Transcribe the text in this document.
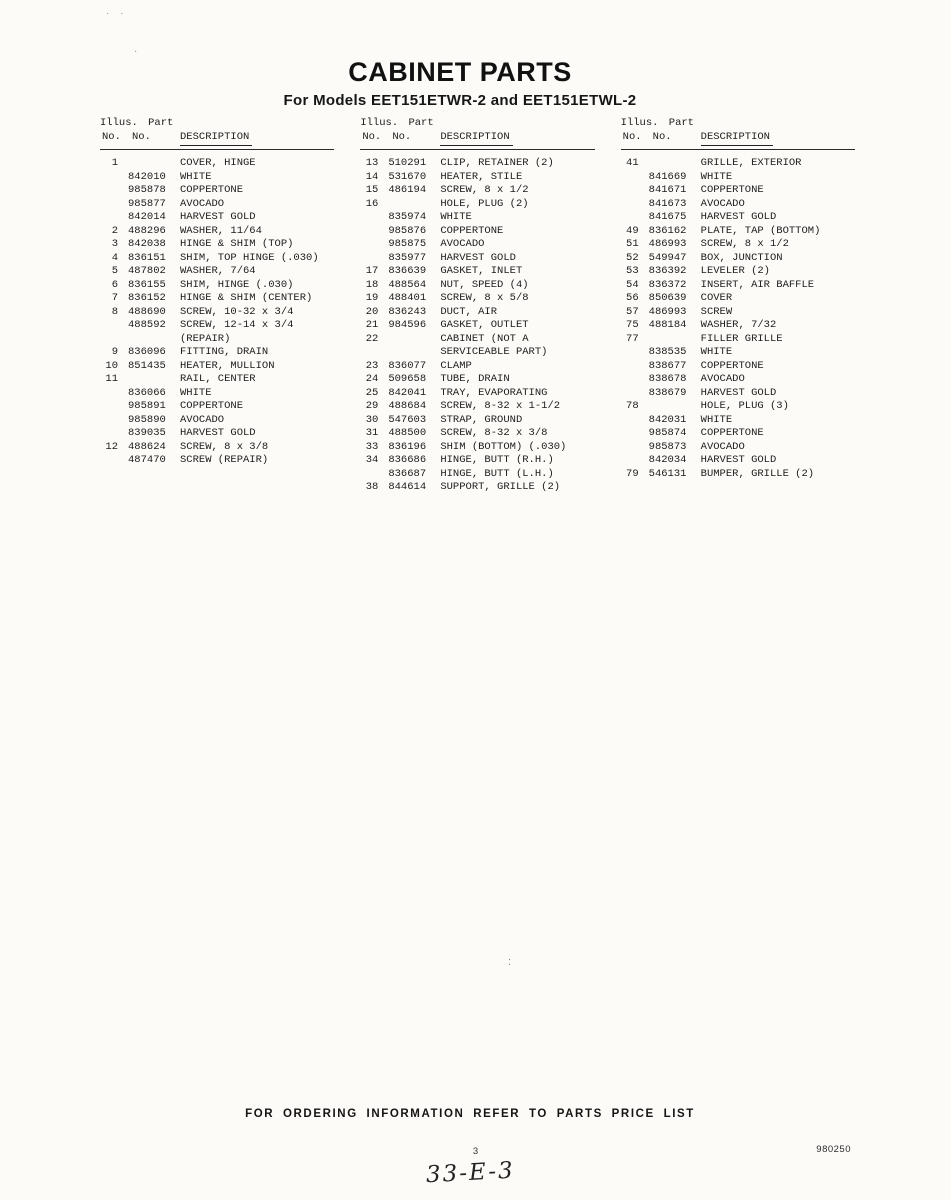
· ·
·
:
CABINET PARTS
For Models EET151ETWR-2 and EET151ETWL-2
Illus. Part
No.	No.	DESCRIPTION
1	COVER, HINGE
842010	WHITE
985878	COPPERTONE
985877	AVOCADO
842014	HARVEST GOLD
2 488296	WASHER, 11/64
3 842038	HINGE & SHIM (TOP)
4 836151	SHIM, TOP HINGE (.030)
5 487802	WASHER, 7/64
6 836155	SHIM, HINGE (.030)
7 836152	HINGE & SHIM (CENTER)
8 488690	SCREW, 10-32 x 3/4
488592	SCREW, 12-14 x 3/4
(REPAIR)
9 836096	FITTING, DRAIN
10 851435	HEATER, MULLION
11	RAIL, CENTER
836066	WHITE
985891	COPPERTONE
985890	AVOCADO
839035	HARVEST GOLD
12 488624	SCREW, 8 x 3/8
487470	SCREW (REPAIR)
Illus. Part
No.	No.	DESCRIPTION
13 510291	CLIP, RETAINER (2)
14 531670	HEATER, STILE
15 486194	SCREW, 8 x 1/2
16	HOLE, PLUG (2)
835974	WHITE
985876	COPPERTONE
985875	AVOCADO
835977	HARVEST GOLD
17 836639	GASKET, INLET
18 488564	NUT, SPEED (4)
19 488401	SCREW, 8 x 5/8
20 836243	DUCT, AIR
21 984596	GASKET, OUTLET
22	CABINET (NOT A
SERVICEABLE PART)
23 836077	CLAMP
24 509658	TUBE, DRAIN
25 842041	TRAY, EVAPORATING
29 488684	SCREW, 8-32 x 1-1/2
30 547603	STRAP, GROUND
31 488500	SCREW, 8-32 x 3/8
33 836196	SHIM (BOTTOM) (.030)
34 836686	HINGE, BUTT (R.H.)
836687	HINGE, BUTT (L.H.)
38 844614	SUPPORT, GRILLE (2)
Illus. Part
No.	No.	DESCRIPTION
41	GRILLE, EXTERIOR
841669	WHITE
841671	COPPERTONE
841673	AVOCADO
841675	HARVEST GOLD
49 836162	PLATE, TAP (BOTTOM)
51 486993	SCREW, 8 x 1/2
52 549947	BOX, JUNCTION
53 836392	LEVELER (2)
54 836372	INSERT, AIR BAFFLE
56 850639	COVER
57 486993	SCREW
75 488184	WASHER, 7/32
77	FILLER GRILLE
838535	WHITE
838677	COPPERTONE
838678	AVOCADO
838679	HARVEST GOLD
78	HOLE, PLUG (3)
842031	WHITE
985874	COPPERTONE
985873	AVOCADO
842034	HARVEST GOLD
79 546131	BUMPER, GRILLE (2)
FOR ORDERING INFORMATION REFER TO PARTS PRICE LIST
3	980250
33-E-3
